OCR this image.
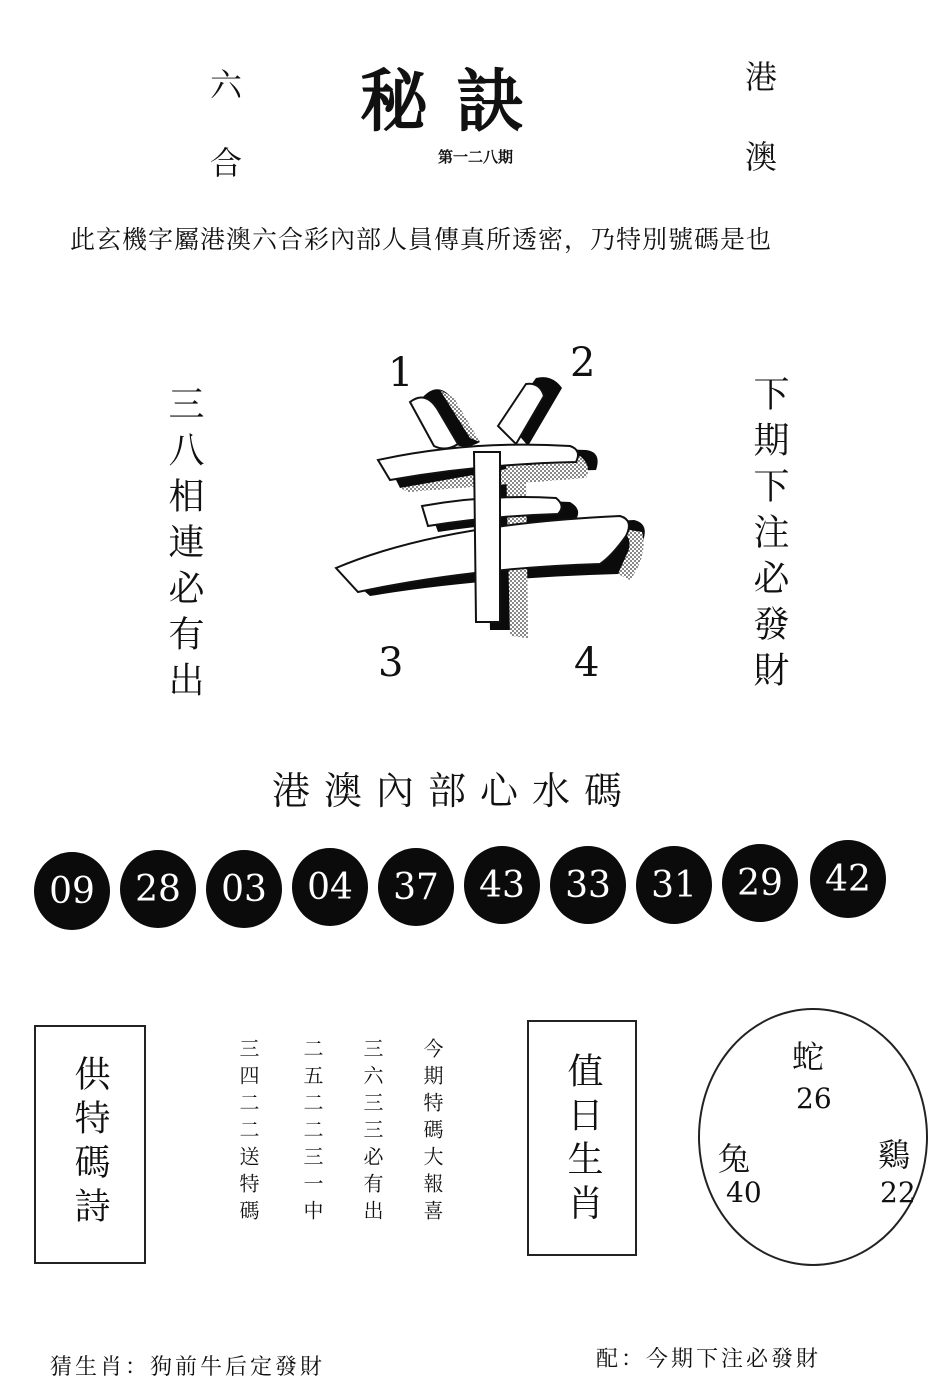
六
合
秘訣	港
澳
第一二八期
此玄機字屬港澳六合彩內部人員傳真所透密，乃特別號碼是也
三八相連必有出	下期下注必發財
1	2
3	4
港澳內部心水碼
09	28	03	04	37	43	33	31	29	42
供特碼詩	今期特碼大報喜
三六三三必有出
二五二二三一中
三四二二送特碼	值日生肖	蛇
26
兔
40
鷄
22
猜生肖：狗前牛后定發財	配：今期下注必發財
